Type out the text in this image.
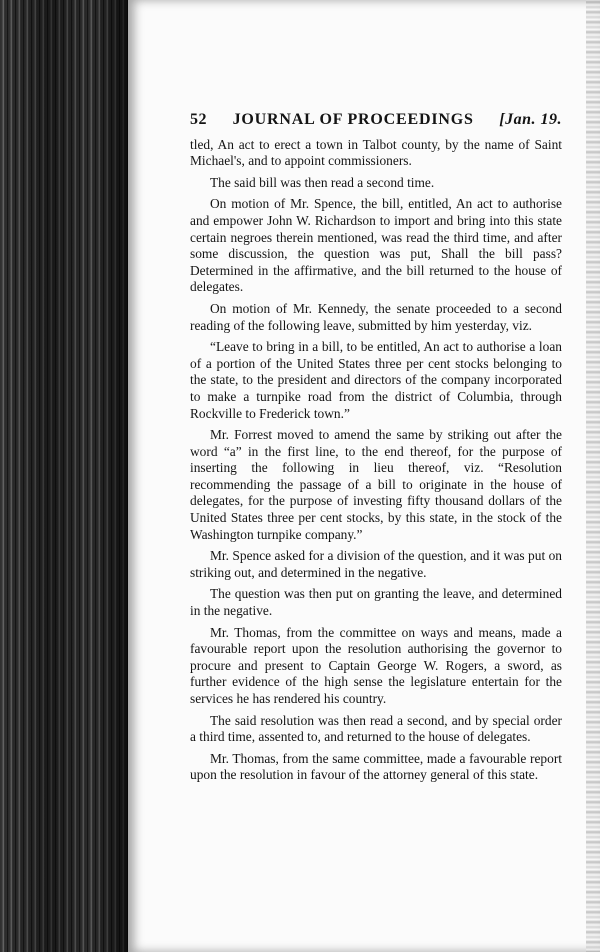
52 JOURNAL OF PROCEEDINGS [Jan. 19.

tled, An act to erect a town in Talbot county, by the name of Saint Michael's, and to appoint commissioners.

The said bill was then read a second time.

On motion of Mr. Spence, the bill, entitled, An act to authorise and empower John W. Richardson to import and bring into this state certain negroes therein mentioned, was read the third time, and after some discussion, the question was put, Shall the bill pass? Determined in the affirmative, and the bill returned to the house of delegates.

On motion of Mr. Kennedy, the senate proceeded to a second reading of the following leave, submitted by him yesterday, viz.

“Leave to bring in a bill, to be entitled, An act to authorise a loan of a portion of the United States three per cent stocks belonging to the state, to the president and directors of the company incorporated to make a turnpike road from the district of Columbia, through Rockville to Frederick town.”

Mr. Forrest moved to amend the same by striking out after the word “a” in the first line, to the end thereof, for the purpose of inserting the following in lieu thereof, viz. “Resolution recommending the passage of a bill to originate in the house of delegates, for the purpose of investing fifty thousand dollars of the United States three per cent stocks, by this state, in the stock of the Washington turnpike company.”

Mr. Spence asked for a division of the question, and it was put on striking out, and determined in the negative.

The question was then put on granting the leave, and determined in the negative.

Mr. Thomas, from the committee on ways and means, made a favourable report upon the resolution authorising the governor to procure and present to Captain George W. Rogers, a sword, as further evidence of the high sense the legislature entertain for the services he has rendered his country.

The said resolution was then read a second, and by special order a third time, assented to, and returned to the house of delegates.

Mr. Thomas, from the same committee, made a favourable report upon the resolution in favour of the attorney general of this state.
